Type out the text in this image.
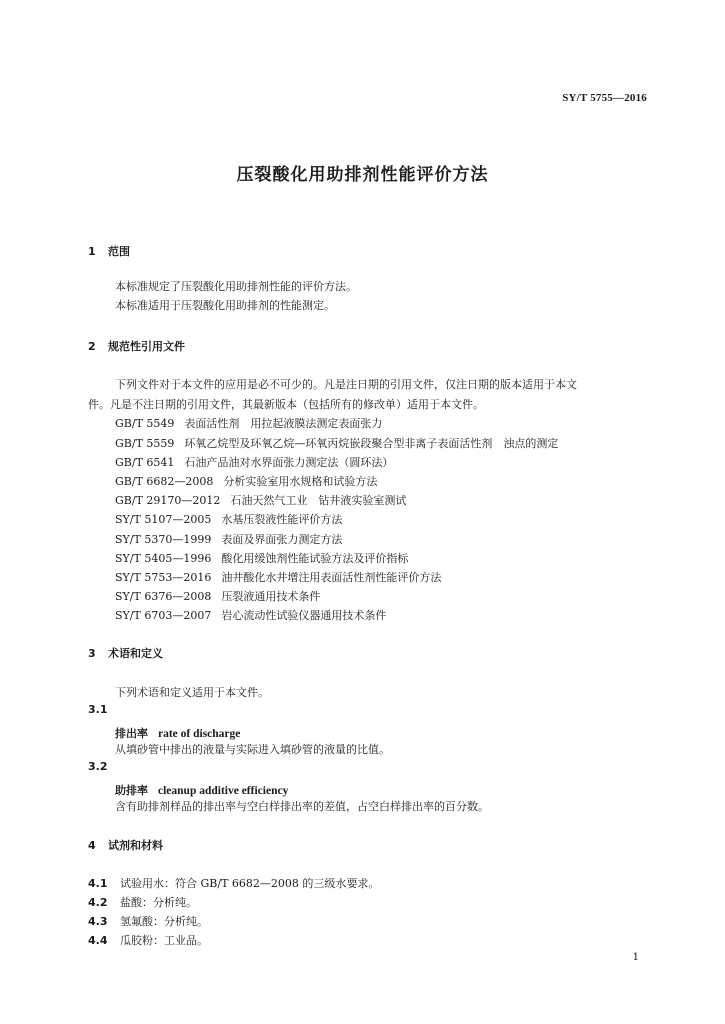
SY/T 5755—2016
压裂酸化用助排剂性能评价方法
1 范围
本标准规定了压裂酸化用助排剂性能的评价方法。
本标准适用于压裂酸化用助排剂的性能测定。
2 规范性引用文件
下列文件对于本文件的应用是必不可少的。凡是注日期的引用文件，仅注日期的版本适用于本文
件。凡是不注日期的引用文件，其最新版本（包括所有的修改单）适用于本文件。
GB/T 5549 表面活性剂　用拉起液膜法测定表面张力
GB/T 5559 环氧乙烷型及环氧乙烷—环氧丙烷嵌段聚合型非离子表面活性剂　浊点的测定
GB/T 6541 石油产品油对水界面张力测定法（圆环法）
GB/T 6682—2008 分析实验室用水规格和试验方法
GB/T 29170—2012 石油天然气工业　钻井液实验室测试
SY/T 5107—2005 水基压裂液性能评价方法
SY/T 5370—1999 表面及界面张力测定方法
SY/T 5405—1996 酸化用缓蚀剂性能试验方法及评价指标
SY/T 5753—2016 油井酸化水井增注用表面活性剂性能评价方法
SY/T 6376—2008 压裂液通用技术条件
SY/T 6703—2007 岩心流动性试验仪器通用技术条件
3 术语和定义
下列术语和定义适用于本文件。
3.1
排出率 rate of discharge
从填砂管中排出的液量与实际进入填砂管的液量的比值。
3.2
助排率 cleanup additive efficiency
含有助排剂样品的排出率与空白样排出率的差值，占空白样排出率的百分数。
4 试剂和材料
4.1 试验用水：符合 GB/T 6682—2008 的三级水要求。
4.2 盐酸：分析纯。
4.3 氢氟酸：分析纯。
4.4 瓜胶粉：工业品。
1
